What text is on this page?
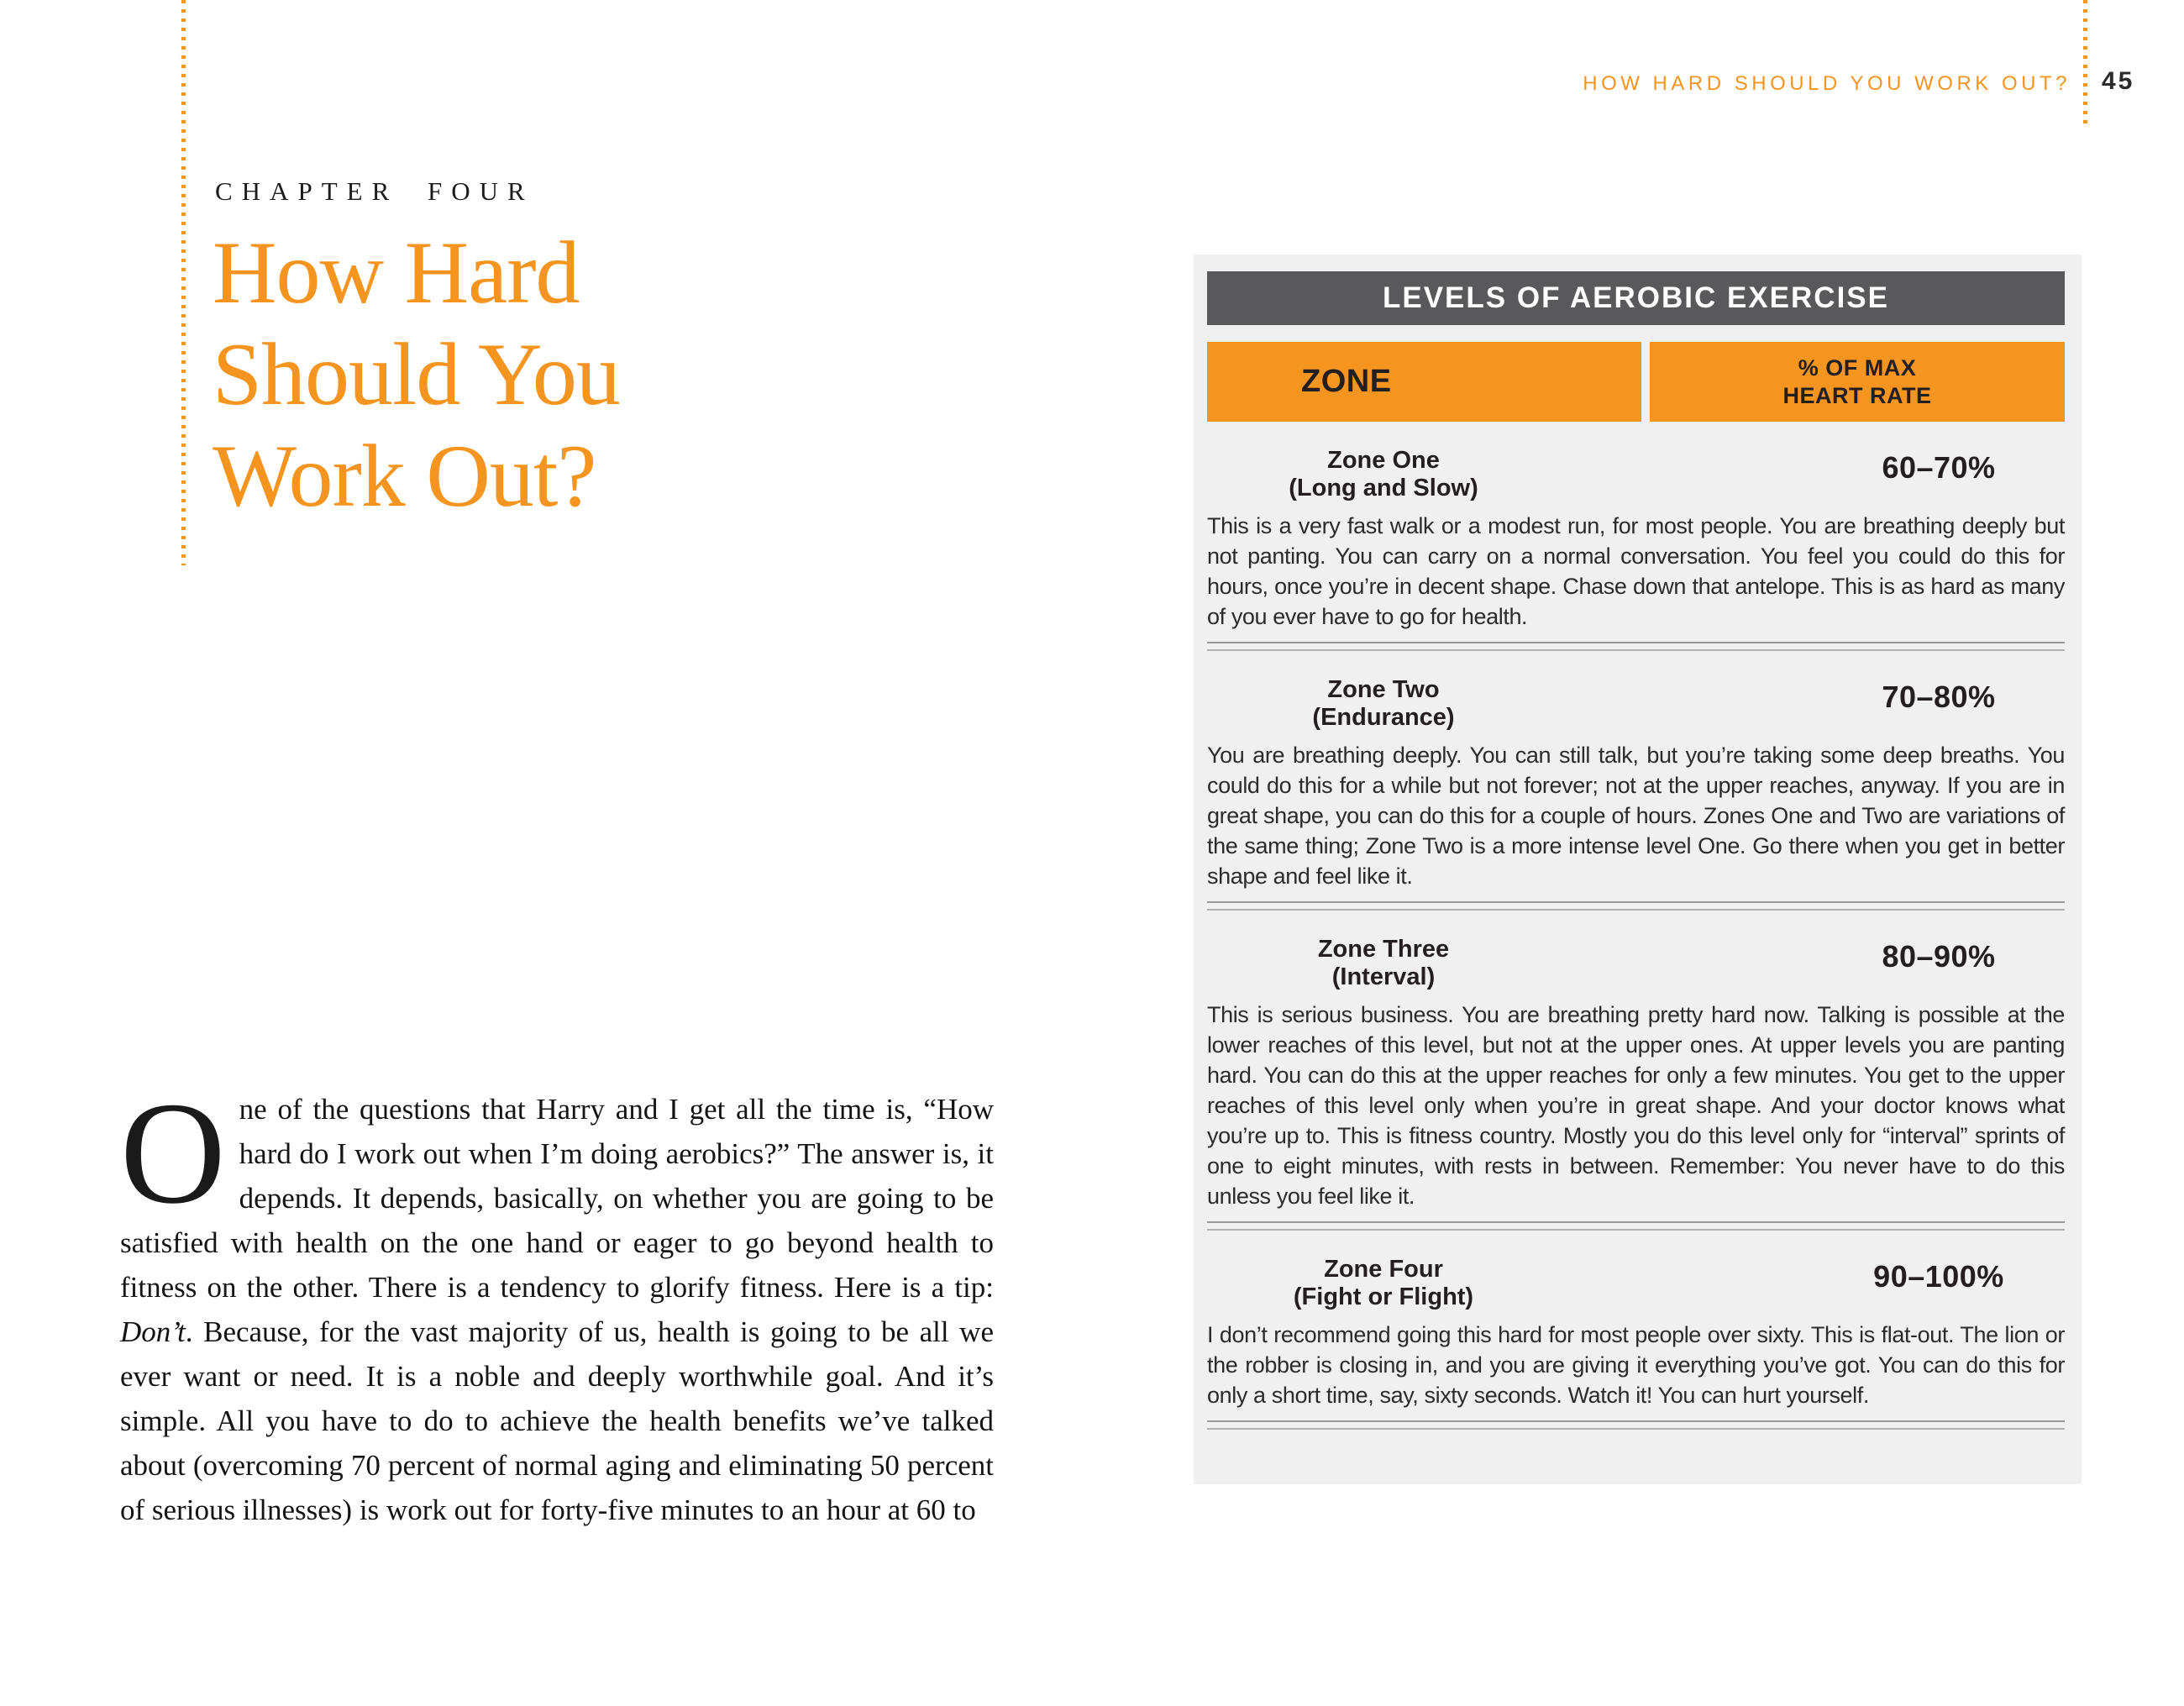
HOW HARD SHOULD YOU WORK OUT? 45
CHAPTER FOUR
How Hard
Should You
Work Out?

One of the questions that Harry and I get all the time is, “How hard do I work out when I’m doing aerobics?” The answer is, it depends. It depends, basically, on whether you are going to be satisfied with health on the one hand or eager to go beyond health to fitness on the other. There is a tendency to glorify fitness. Here is a tip: Don’t. Because, for the vast majority of us, health is going to be all we ever want or need. It is a noble and deeply worthwhile goal. And it’s simple. All you have to do to achieve the health benefits we’ve talked about (overcoming 70 percent of normal aging and eliminating 50 percent of serious illnesses) is work out for forty-five minutes to an hour at 60 to

LEVELS OF AEROBIC EXERCISE
ZONE	% OF MAX
HEART RATE
Zone One
(Long and Slow)
60–70%
This is a very fast walk or a modest run, for most people. You are breathing deeply but not panting. You can carry on a normal conversation. You feel you could do this for hours, once you’re in decent shape. Chase down that antelope. This is as hard as many of you ever have to go for health.
Zone Two
(Endurance)
70–80%
You are breathing deeply. You can still talk, but you’re taking some deep breaths. You could do this for a while but not forever; not at the upper reaches, anyway. If you are in great shape, you can do this for a couple of hours. Zones One and Two are variations of the same thing; Zone Two is a more intense level One. Go there when you get in better shape and feel like it.
Zone Three
(Interval)
80–90%
This is serious business. You are breathing pretty hard now. Talking is possible at the lower reaches of this level, but not at the upper ones. At upper levels you are panting hard. You can do this at the upper reaches for only a few minutes. You get to the upper reaches of this level only when you’re in great shape. And your doctor knows what you’re up to. This is fitness country. Mostly you do this level only for “interval” sprints of one to eight minutes, with rests in between. Remember: You never have to do this unless you feel like it.
Zone Four
(Fight or Flight)
90–100%
I don’t recommend going this hard for most people over sixty. This is flat-out. The lion or the robber is closing in, and you are giving it everything you’ve got. You can do this for only a short time, say, sixty seconds. Watch it! You can hurt yourself.
